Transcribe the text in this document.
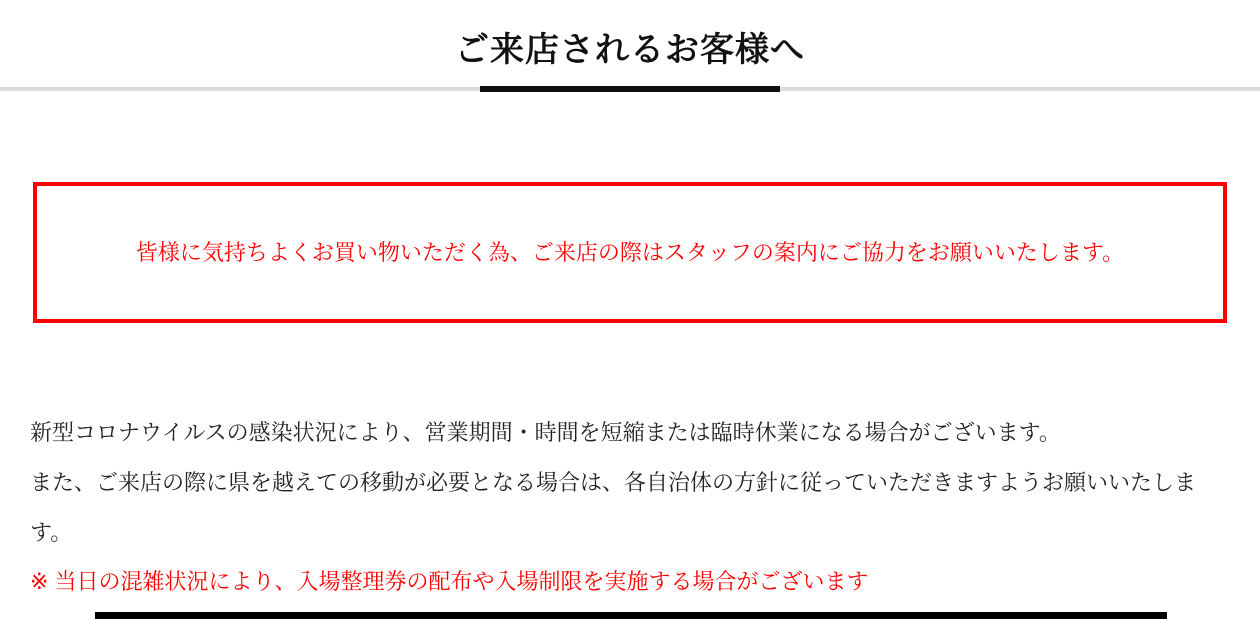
ご来店されるお客様へ
皆様に気持ちよくお買い物いただく為、ご来店の際はスタッフの案内にご協力をお願いいたします。

新型コロナウイルスの感染状況により、営業期間・時間を短縮または臨時休業になる場合がございます。

また、ご来店の際に県を越えての移動が必要となる場合は、各自治体の方針に従っていただきますようお願いいたします。

※ 当日の混雑状況により、入場整理券の配布や入場制限を実施する場合がございます
